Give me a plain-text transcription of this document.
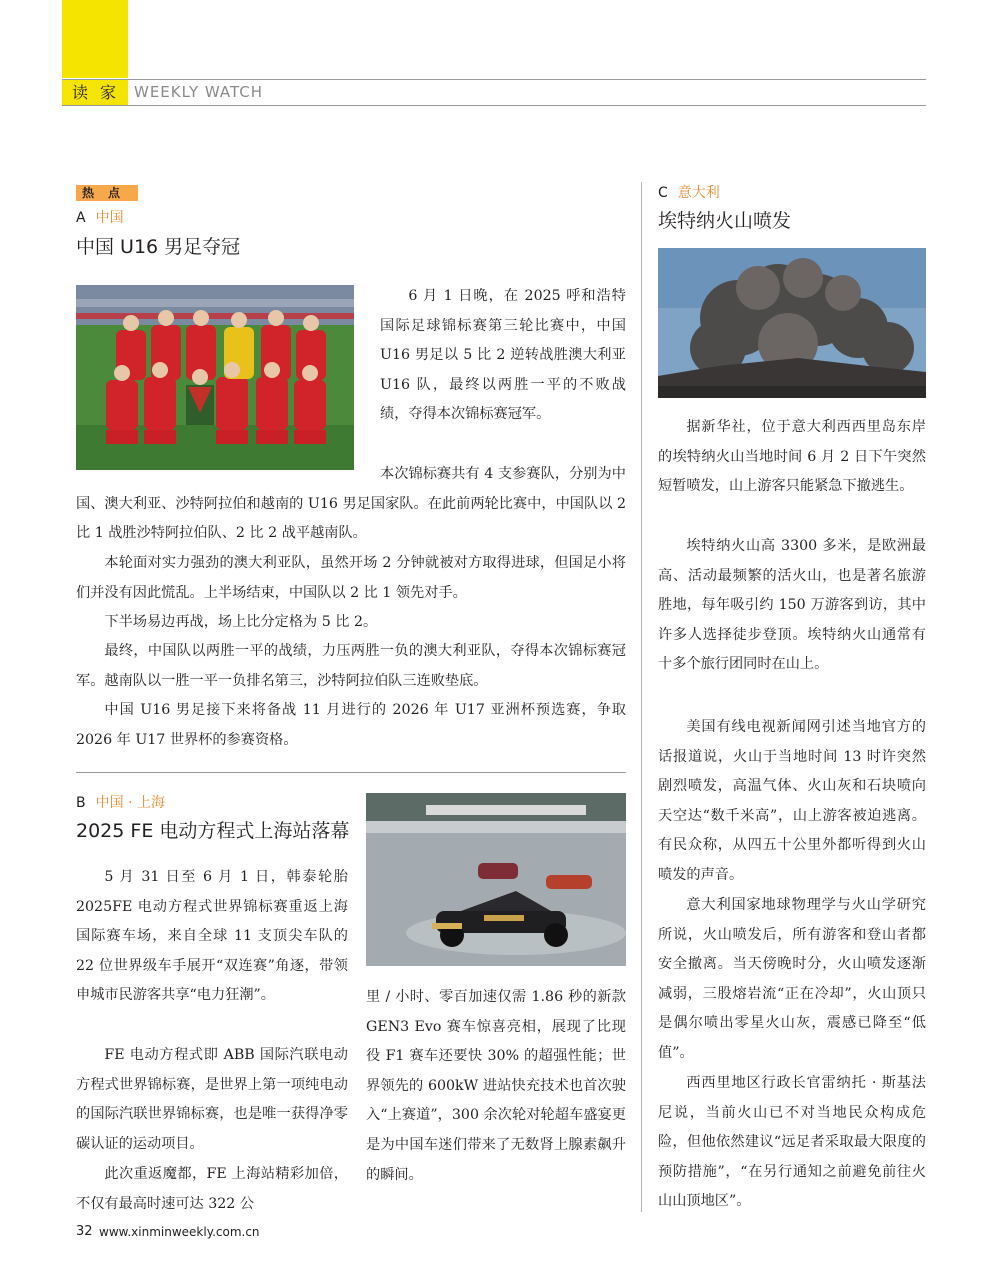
读家 WEEKLY WATCH
热点
A 中国
中国 U16 男足夺冠
6 月 1 日晚，在 2025 呼和浩特国际足球锦标赛第三轮比赛中，中国 U16 男足以 5 比 2 逆转战胜澳大利亚 U16 队，最终以两胜一平的不败战绩，夺得本次锦标赛冠军。
本次锦标赛共有 4 支参赛队，分别为中国、澳大利亚、沙特阿拉伯和越南的 U16 男足国家队。在此前两轮比赛中，中国队以 2 比 1 战胜沙特阿拉伯队、2 比 2 战平越南队。
本轮面对实力强劲的澳大利亚队，虽然开场 2 分钟就被对方取得进球，但国足小将们并没有因此慌乱。上半场结束，中国队以 2 比 1 领先对手。
下半场易边再战，场上比分定格为 5 比 2。
最终，中国队以两胜一平的战绩，力压两胜一负的澳大利亚队，夺得本次锦标赛冠军。越南队以一胜一平一负排名第三，沙特阿拉伯队三连败垫底。
中国 U16 男足接下来将备战 11 月进行的 2026 年 U17 亚洲杯预选赛，争取 2026 年 U17 世界杯的参赛资格。
B 中国 · 上海
2025 FE 电动方程式上海站落幕
5 月 31 日至 6 月 1 日，韩泰轮胎 2025FE 电动方程式世界锦标赛重返上海国际赛车场，来自全球 11 支顶尖车队的 22 位世界级车手展开“双连赛”角逐，带领申城市民游客共享“电力狂潮”。
FE 电动方程式即 ABB 国际汽联电动方程式世界锦标赛，是世界上第一项纯电动的国际汽联世界锦标赛，也是唯一获得净零碳认证的运动项目。
此次重返魔都，FE 上海站精彩加倍，不仅有最高时速可达 322 公
里 / 小时、零百加速仅需 1.86 秒的新款 GEN3 Evo 赛车惊喜亮相，展现了比现役 F1 赛车还要快 30% 的超强性能；世界领先的 600kW 进站快充技术也首次驶入“上赛道”，300 余次轮对轮超车盛宴更是为中国车迷们带来了无数肾上腺素飙升的瞬间。
C 意大利
埃特纳火山喷发
据新华社，位于意大利西西里岛东岸的埃特纳火山当地时间 6 月 2 日下午突然短暂喷发，山上游客只能紧急下撤逃生。
埃特纳火山高 3300 多米，是欧洲最高、活动最频繁的活火山，也是著名旅游胜地，每年吸引约 150 万游客到访，其中许多人选择徒步登顶。埃特纳火山通常有十多个旅行团同时在山上。
美国有线电视新闻网引述当地官方的话报道说，火山于当地时间 13 时许突然剧烈喷发，高温气体、火山灰和石块喷向天空达“数千米高”，山上游客被迫逃离。有民众称，从四五十公里外都听得到火山喷发的声音。
意大利国家地球物理学与火山学研究所说，火山喷发后，所有游客和登山者都安全撤离。当天傍晚时分，火山喷发逐渐减弱，三股熔岩流“正在冷却”，火山顶只是偶尔喷出零星火山灰，震感已降至“低值”。
西西里地区行政长官雷纳托 · 斯基法尼说，当前火山已不对当地民众构成危险，但他依然建议“远足者采取最大限度的预防措施”，“在另行通知之前避免前往火山山顶地区”。
32 www.xinminweekly.com.cn
